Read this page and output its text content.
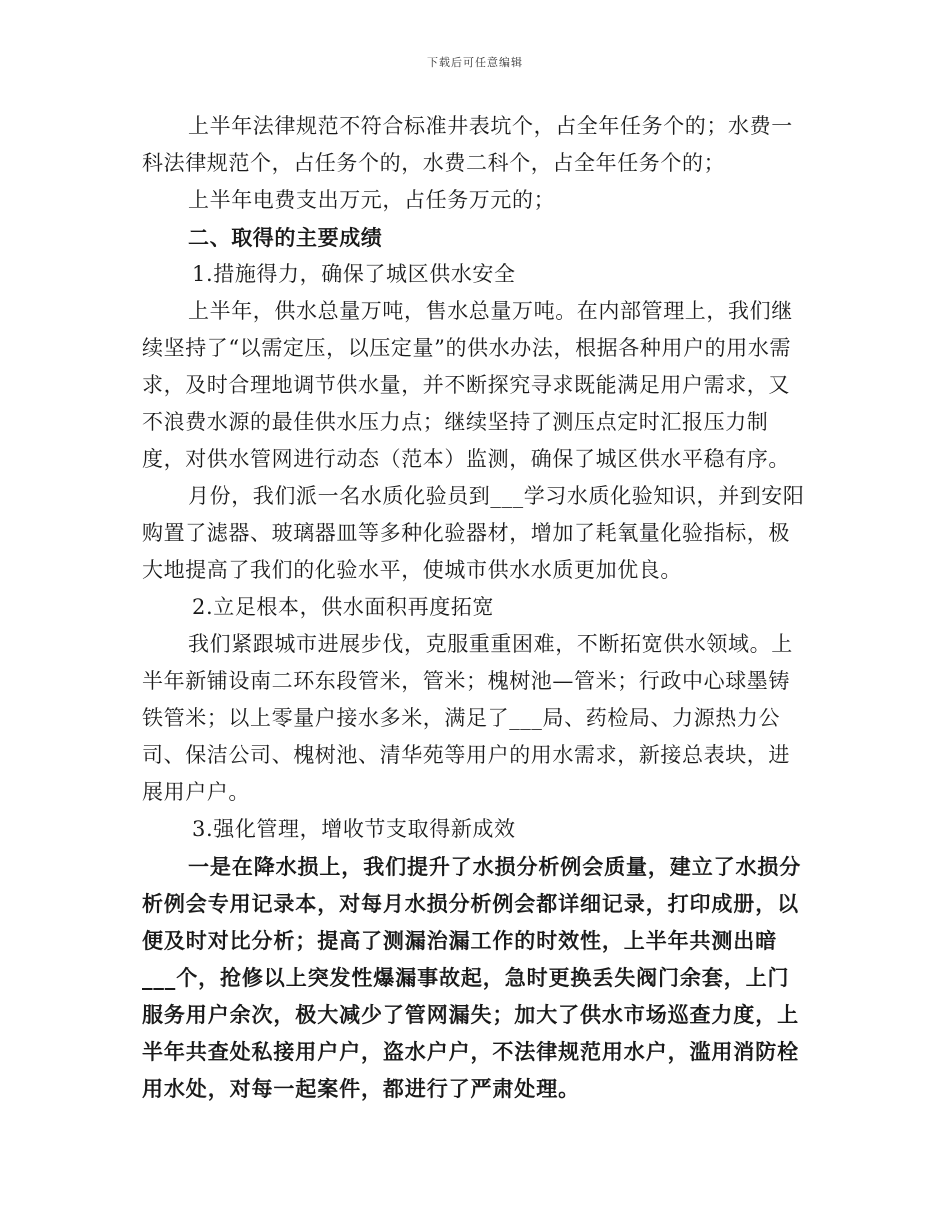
下载后可任意编辑

上半年法律规范不符合标准井表坑个，占全年任务个的；水费一科法律规范个，占任务个的，水费二科个，占全年任务个的；

上半年电费支出万元，占任务万元的；

二、取得的主要成绩

1.措施得力，确保了城区供水安全

上半年，供水总量万吨，售水总量万吨。在内部管理上，我们继续坚持了“以需定压，以压定量”的供水办法，根据各种用户的用水需求，及时合理地调节供水量，并不断探究寻求既能满足用户需求，又不浪费水源的最佳供水压力点；继续坚持了测压点定时汇报压力制度，对供水管网进行动态（范本）监测，确保了城区供水平稳有序。

月份，我们派一名水质化验员到___学习水质化验知识，并到安阳购置了滤器、玻璃器皿等多种化验器材，增加了耗氧量化验指标，极大地提高了我们的化验水平，使城市供水水质更加优良。

2.立足根本，供水面积再度拓宽

我们紧跟城市进展步伐，克服重重困难，不断拓宽供水领域。上半年新铺设南二环东段管米，管米；槐树池—管米；行政中心球墨铸铁管米；以上零量户接水多米，满足了___局、药检局、力源热力公司、保洁公司、槐树池、清华苑等用户的用水需求，新接总表块，进展用户户。

3.强化管理，增收节支取得新成效

一是在降水损上，我们提升了水损分析例会质量，建立了水损分析例会专用记录本，对每月水损分析例会都详细记录，打印成册，以便及时对比分析；提高了测漏治漏工作的时效性，上半年共测出暗___个，抢修以上突发性爆漏事故起，急时更换丢失阀门余套，上门服务用户余次，极大减少了管网漏失；加大了供水市场巡查力度，上半年共查处私接用户户，盗水户户，不法律规范用水户，滥用消防栓用水处，对每一起案件，都进行了严肃处理。
